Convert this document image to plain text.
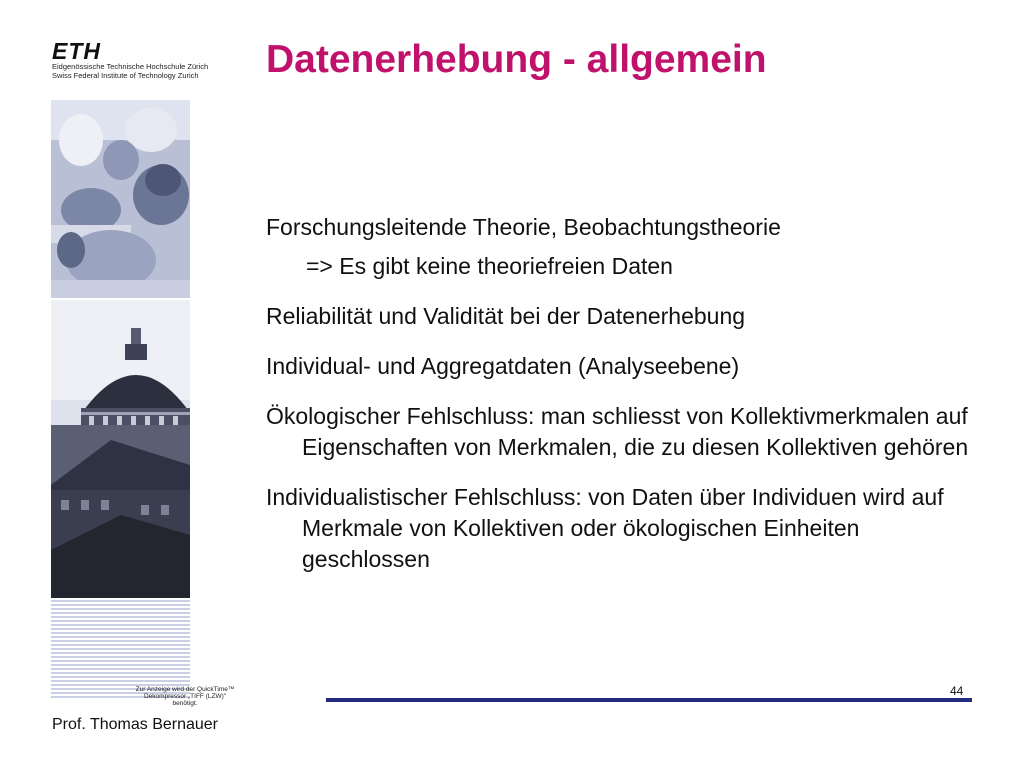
ETH
Eidgenössische Technische Hochschule Zürich
Swiss Federal Institute of Technology Zurich Datenerhebung - allgemein
Forschungsleitende Theorie, Beobachtungstheorie
=> Es gibt keine theoriefreien Daten
Reliabilität und Validität bei der Datenerhebung
Individual- und Aggregatdaten (Analyseebene)
Ökologischer Fehlschluss: man schliesst von Kollektivmerkmalen auf Eigenschaften von Merkmalen, die zu diesen Kollektiven gehören
Individualistischer Fehlschluss: von Daten über Individuen wird auf Merkmale von Kollektiven oder ökologischen Einheiten geschlossen
Zur Anzeige wird der QuickTime™
Dekompressor „TIFF (LZW)"
benötigt.
44
Prof. Thomas Bernauer
